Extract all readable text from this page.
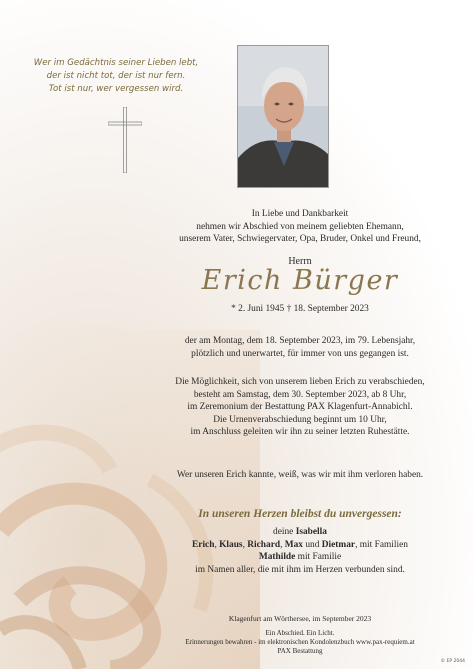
Wer im Gedächtnis seiner Lieben lebt,
der ist nicht tot, der ist nur fern.
Tot ist nur, wer vergessen wird.
In Liebe und Dankbarkeit
nehmen wir Abschied von meinem geliebten Ehemann,
unserem Vater, Schwiegervater, Opa, Bruder, Onkel und Freund,
Herrn
Erich Bürger
* 2. Juni 1945 † 18. September 2023
der am Montag, dem 18. September 2023, im 79. Lebensjahr,
plötzlich und unerwartet, für immer von uns gegangen ist.
Die Möglichkeit, sich von unserem lieben Erich zu verabschieden,
besteht am Samstag, dem 30. September 2023, ab 8 Uhr,
im Zeremonium der Bestattung PAX Klagenfurt-Annabichl.
Die Urnenverabschiedung beginnt um 10 Uhr,
im Anschluss geleiten wir ihn zu seiner letzten Ruhestätte.
Wer unseren Erich kannte, weiß, was wir mit ihm verloren haben.
In unseren Herzen bleibst du unvergessen:
deine Isabella
Erich, Klaus, Richard, Max und Dietmar, mit Familien
Mathilde mit Familie
im Namen aller, die mit ihm im Herzen verbunden sind.
Klagenfurt am Wörthersee, im September 2023
Ein Abschied. Ein Licht.
Erinnerungen bewahren - im elektronischen Kondolenzbuch www.pax-requiem.at
PAX Bestattung
© EP 2044
